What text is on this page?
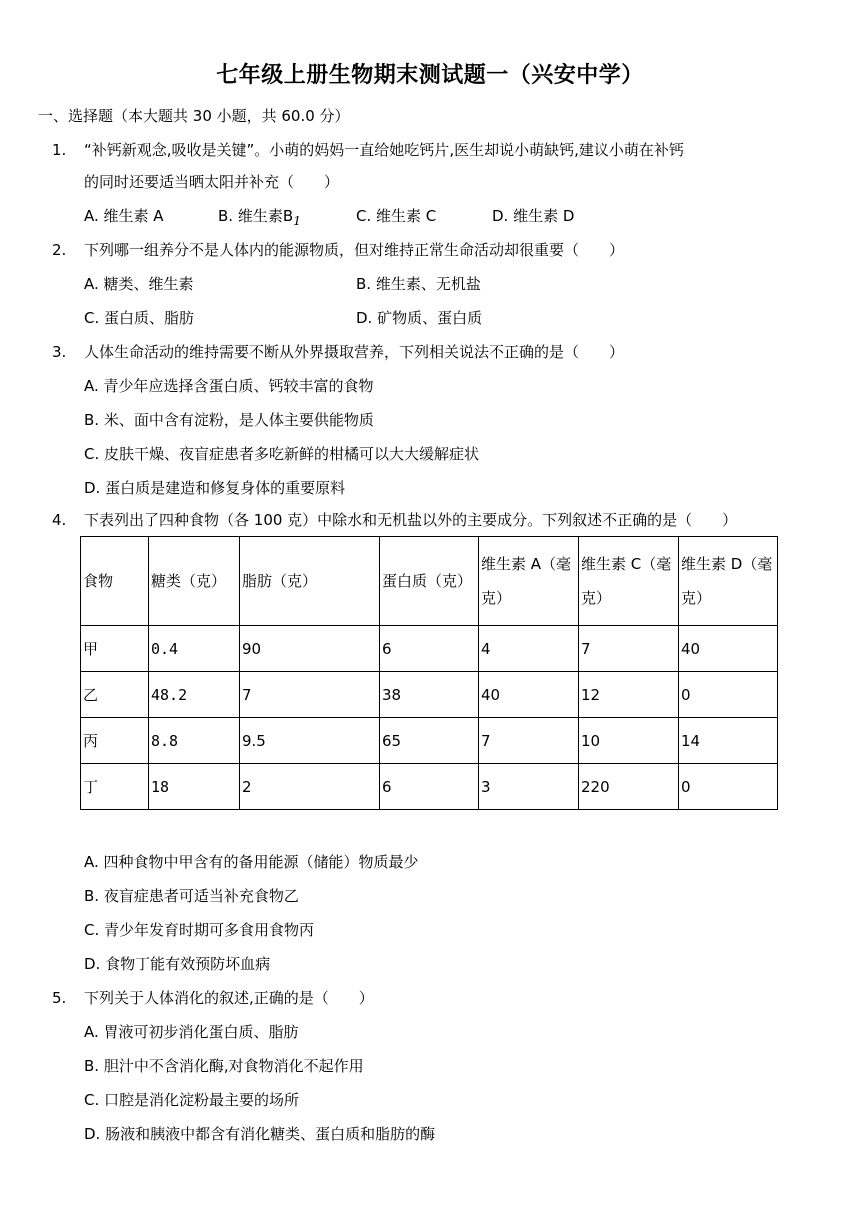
七年级上册生物期末测试题一（兴安中学）
一、选择题（本大题共 30 小题，共 60.0 分）
1. “补钙新观念,吸收是关键”。小萌的妈妈一直给她吃钙片,医生却说小萌缺钙,建议小萌在补钙
的同时还要适当晒太阳并补充（　　）
A. 维生素 A	B. 维生素$B_1$	C. 维生素 C	D. 维生素 D
2. 下列哪一组养分不是人体内的能源物质，但对维持正常生命活动却很重要（　　）
A. 糖类、维生素	B. 维生素、无机盐
C. 蛋白质、脂肪	D. 矿物质、蛋白质
3. 人体生命活动的维持需要不断从外界摄取营养，下列相关说法不正确的是（　　）
A. 青少年应选择含蛋白质、钙较丰富的食物
B. 米、面中含有淀粉，是人体主要供能物质
C. 皮肤干燥、夜盲症患者多吃新鲜的柑橘可以大大缓解症状
D. 蛋白质是建造和修复身体的重要原料
4. 下表列出了四种食物（各 100 克）中除水和无机盐以外的主要成分。下列叙述不正确的是（　　）
食物	糖类（克）	脂肪（克）	蛋白质（克）	维生素 A（毫克）	维生素 C（毫克）	维生素 D（毫克）
甲	0.4	90	6	4	7	40
乙	48.2	7	38	40	12	0
丙	8.8	9.5	65	7	10	14
丁	18	2	6	3	220	0
A. 四种食物中甲含有的备用能源（储能）物质最少
B. 夜盲症患者可适当补充食物乙
C. 青少年发育时期可多食用食物丙
D. 食物丁能有效预防坏血病
5. 下列关于人体消化的叙述,正确的是（　　）
A. 胃液可初步消化蛋白质、脂肪
B. 胆汁中不含消化酶,对食物消化不起作用
C. 口腔是消化淀粉最主要的场所
D. 肠液和胰液中都含有消化糖类、蛋白质和脂肪的酶
